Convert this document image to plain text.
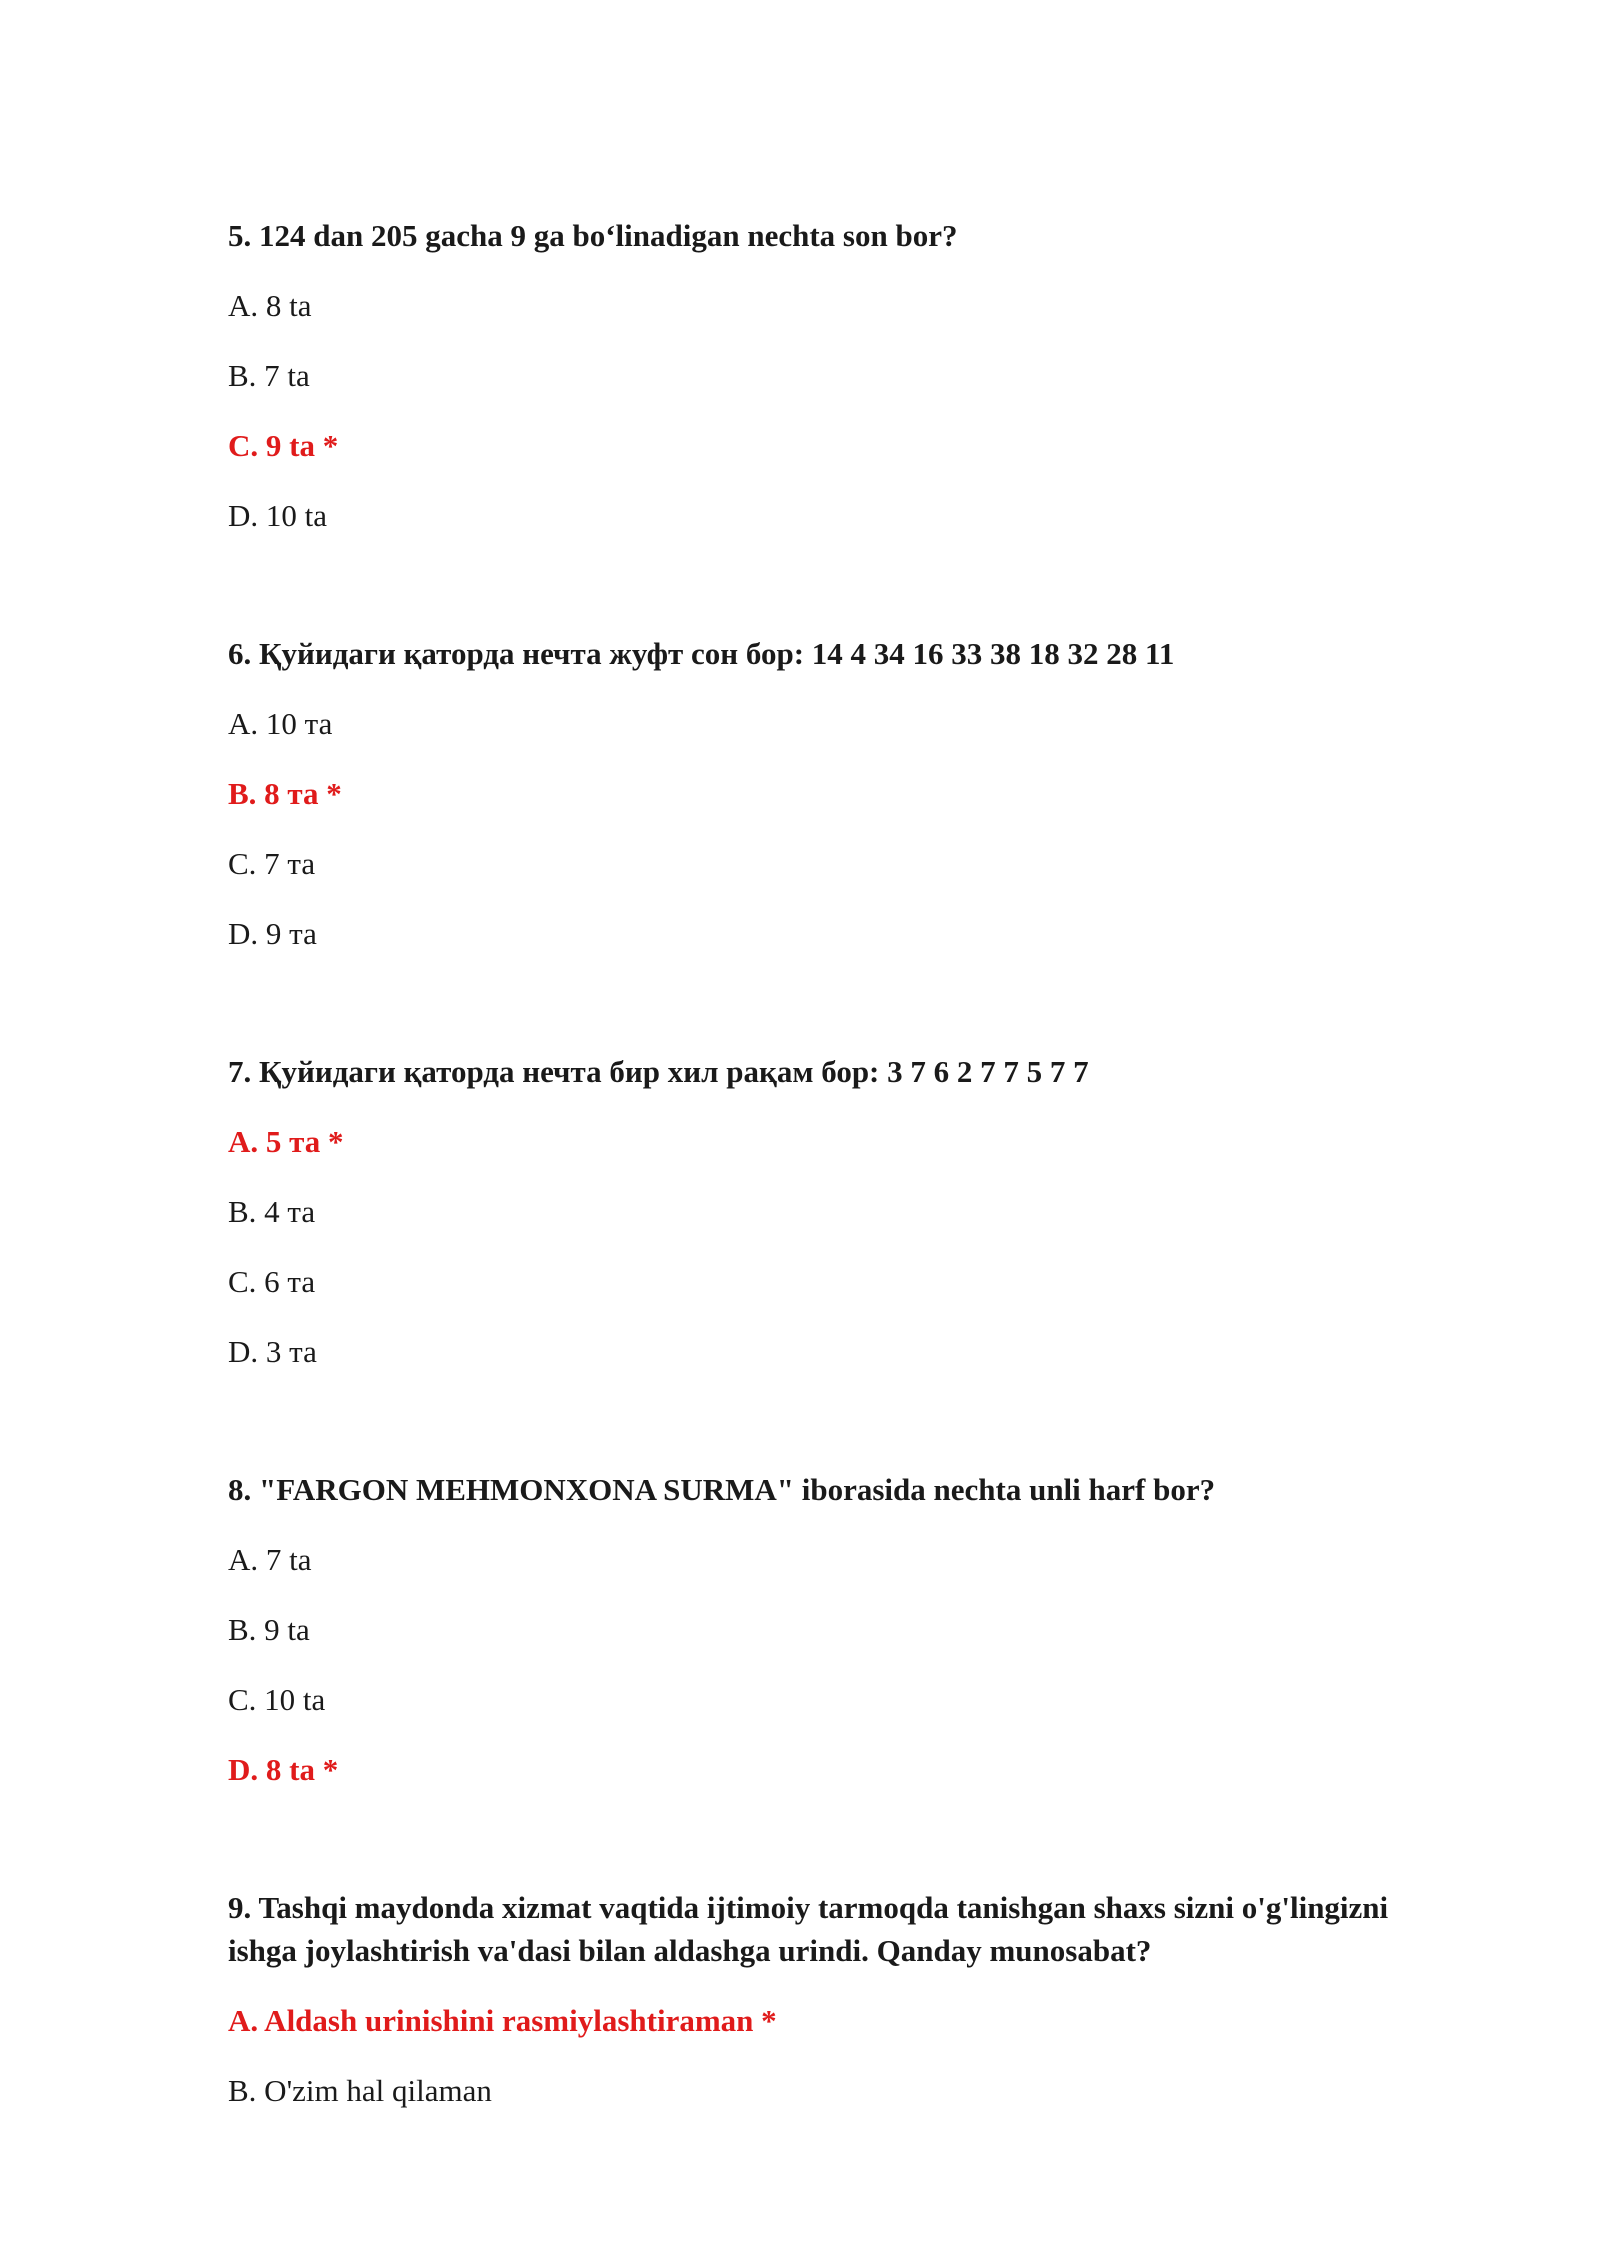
5. 124 dan 205 gacha 9 ga bo‘linadigan nechta son bor?

A. 8 ta
B. 7 ta
C. 9 ta *
D. 10 ta

6. Қуйидаги қаторда нечта жуфт сон бор: 14 4 34 16 33 38 18 32 28 11

A. 10 та
B. 8 та *
C. 7 та
D. 9 та

7. Қуйидаги қаторда нечта бир хил рақам бор: 3 7 6 2 7 7 5 7 7

A. 5 та *
B. 4 та
C. 6 та
D. 3 та

8. "FARGON MEHMONXONA SURMA" iborasida nechta unli harf bor?

A. 7 ta
B. 9 ta
C. 10 ta
D. 8 ta *

9. Tashqi maydonda xizmat vaqtida ijtimoiy tarmoqda tanishgan shaxs sizni o'g'lingizni
ishga joylashtirish va'dasi bilan aldashga urindi. Qanday munosabat?

A. Aldash urinishini rasmiylashtiraman *
B. O'zim hal qilaman
